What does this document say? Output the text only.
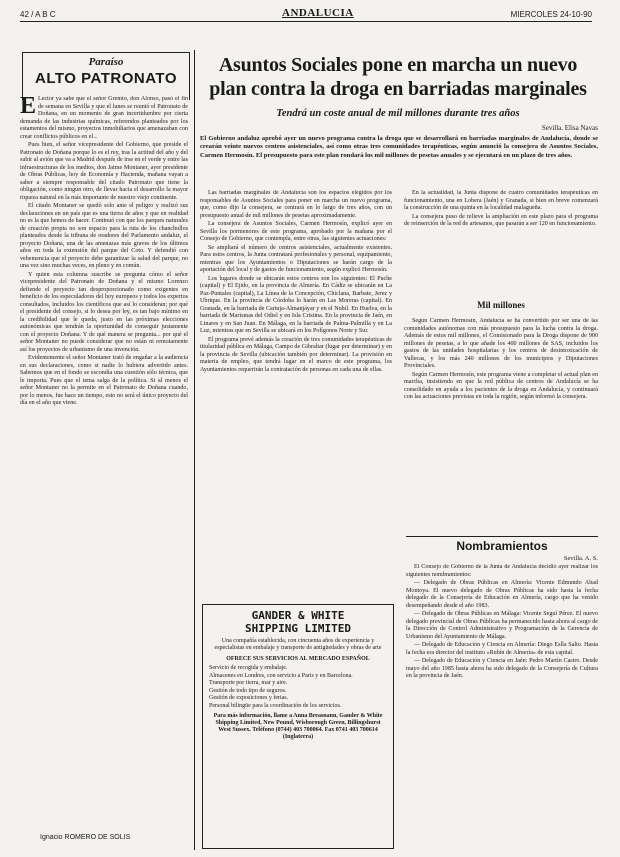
42 / A B C	ANDALUCIA	MIERCOLES 24-10-90
Paraíso
ALTO PATRONATO

E Lector ya sabe que el señor Gremio, don Alonso, pasó el fin de semana en Sevilla y que el lunes se reunió el Patronato de Doñana, en un momento de gran incertidumbre por cierta demanda de las industrias químicas, referendos planteados por los estamentos del mismo, proyectos inmobiliarios que amenazaban con crear conflictos públicos en el...

Pues bien, el señor vicepresidente del Gobierno, que preside el Patronato de Doñana porque lo es el rey, tras la actitud del año y del subir al avión que va a Madrid después de irse en el verde y entre las infraestructuras de los medios, don Jaime Montaner, ayer presidente de Obras Públicas, hoy de Economía y Hacienda, mañana vayan a saber a siempre responsable del citado Patronato que tiene la obligación, como ningún otro, de llevar hacia el desarrollo la mayor riqueza natural en la más importante de nuestro viejo continente.

El citado Montaner se quedó solo ante el peligro y realizó sus declaraciones en un país que es una tierra de años y que en realidad no es la que hemos de hacer. Continuó con que los parques naturales de creación propia no son espacio para la ruta de los chanchullos planteados desde la tribuna de oradores del Parlamento andaluz, el proyecto Doñana, una de las amenazas más graves de los últimos años en toda la extensión del parque del Coto. Y defendió con vehemencia que el proyecto debe garantizar la salud del parque, no una vez sino muchas veces, en pleno y en común.

Y quien esta columna suscribe se pregunta cómo el señor vicepresidente del Patronato de Doñana y el mismo Lorenzo defiende el proyecto tan desproporcionado como exigentes en beneficio de los especuladores del hoy europeos y todos los expertos consultados, incluidos los científicos que así lo consideran; por qué el presidente del consejo, si lo desea por ley, es tan bajo mínimo en la credibilidad que le queda, justo en las próximas elecciones autonómicas que tendrán la oportunidad de conseguir justamente con el proyecto Doñana. Y de qué manera se pregunta... por qué el señor Montaner no puede considerar que no están ni remotamente así los proyectos de urbanismo de una invención.

Evidentemente el señor Montaner trató de engañar a la audiencia en sus declaraciones, como si nadie lo hubiera advertido antes. Sabemos que en el fondo se escondía una cuestión sólo técnica, que le importa. Pues que el tema salga de la política. Si al menos el señor Montaner no la permite en el Patronato de Doñana cuando, por lo menos, fue hace un tiempo, esto no será el único proyecto del día en el año que viene.

Ignacio ROMERO DE SOLIS
Asuntos Sociales pone en marcha un nuevo plan contra la droga en barriadas marginales
Tendrá un coste anual de mil millones durante tres años
Sevilla. Elisa Navas
El Gobierno andaluz aprobó ayer un nuevo programa contra la droga que se desarrollará en barriadas marginales de Andalucía, donde se crearán veinte nuevos centros asistenciales, así como otras tres comunidades terapéuticas, según anunció la consejera de Asuntos Sociales, Carmen Hermosín. El presupuesto para este plan rondará los mil millones de pesetas anuales y se ejecutará en un plazo de tres años.

Las barriadas marginales de Andalucía son los espacios elegidos por los responsables de Asuntos Sociales para poner en marcha un nuevo programa, que, como dijo la consejera, se centrará en lo largo de tres años, con un presupuesto anual de mil millones de pesetas aproximadamente.

La consejera de Asuntos Sociales, Carmen Hermosín, explicó ayer en Sevilla los pormenores de este programa, aprobado por la mañana por el Consejo de Gobierno, que contempla, entre otras, las siguientes actuaciones:

Se ampliará el número de centros asistenciales, actualmente existentes. Para estos centros, la Junta contratará profesionales y personal, equipamiento, mientras que los Ayuntamientos o Diputaciones se harán cargo de la aportación del local y de gastos de funcionamiento, según explicó Hermosín.

Los lugares donde se ubicarán estos centros son los siguientes: El Puche (capital) y El Ejido, en la provincia de Almería. En Cádiz se ubicarán en La Paz-Puntales (capital), La Línea de la Concepción, Chiclana, Barbate, Jerez y Ubrique. En la provincia de Córdoba lo harán en Las Moreras (capital). En Granada, en la barriada de Cartuja-Almanjáyar y en el Nubil. En Huelva, en la barriada de Marismas del Odiel y en Isla Cristina. En la provincia de Jaén, en Linares y en San Juan. En Málaga, en la barriada de Palma-Palmilla y en La Luz, mientras que en Sevilla se ubicará en los Polígonos Norte y Sur.

El programa prevé además la creación de tres comunidades terapéuticas de titularidad pública en Málaga, Campo de Gibraltar (lugar por determinar) y en la provincia de Sevilla (ubicación también por determinar). La provisión en materia de empleo, que tendrá lugar en el marco de este programa, los Ayuntamientos requerirán la contratación de personas en cada una de ellas.

En la actualidad, la Junta dispone de cuatro comunidades terapéuticas en funcionamiento, una en Lobera (Jaén) y Granada, si bien en breve comenzará la construcción de una quinta en la localidad malagueña.

La consejera puso de relieve la ampliación en este plazo para el programa de reinserción de la red de artesanos, que pasarán a ser 120 en funcionamiento.

Mil millones

Según Carmen Hermosín, Andalucía se ha convertido por ser una de las comunidades autónomas con más presupuesto para la lucha contra la droga. Además de estos mil millones, el Comisionado para la Droga dispone de 900 millones de pesetas, a lo que añade los 400 millones de SAS, incluidos los gastos de las unidades hospitalarias y los centros de desintoxicación de Vallecas, y los más 240 millones de los municipios y Diputaciones Provinciales.

Según Carmen Hermosín, este programa viene a completar el actual plan en marcha, insistiendo en que la red pública de centros de Andalucía se ha consolidado en ayuda a los pacientes de la droga en Andalucía, y continuará con las actuaciones previstas en toda la región, según informó la consejera.

GANDER & WHITE
SHIPPING LIMITED
Una compañía establecida, con cincuenta años de experiencia y especialistas en embalaje y transporte de antigüedades y obras de arte
OFRECE SUS SERVICIOS AL MERCADO ESPAÑOL
Servicio de recogida y embalaje.
Almacenes en Londres, con servicio a Paris y en Barcelona.
Transporte por tierra, mar y aire.
Gestión de todo tipo de seguros.
Gestión de exposiciones y ferias.
Personal bilingüe para la coordinación de los servicios.
Para más información, llame a Anna Breasnann, Gander & White Shipping Limited, New Pound, Wisborough Green, Billingshurst West Sussex. Teléfono (0744) 403 700064. Fax 0741 403 700614 (Inglaterra)
Nombramientos
Sevilla. A. S.

El Consejo de Gobierno de la Junta de Andalucía decidió ayer realizar los siguientes nombramientos:

— Delegado de Obras Públicas en Almería: Vicente Edmundo Abad Montoya. El nuevo delegado de Obras Públicas ha sido hasta la fecha delegado de la Consejería de Educación en Almería, cargo que ha venido desempeñando desde el año 1983.

— Delegado de Obras Públicas en Málaga: Vicente Seguí Pérez. El nuevo delegado provincial de Obras Públicas ha permanecido hasta ahora al cargo de la Dirección de Control Administrativo y Programación de la Gerencia de Urbanismo del Ayuntamiento de Málaga.

— Delegado de Educación y Ciencia en Almería: Diego Eslla Salto. Hasta la fecha era director del instituto «Rubín de Almería» de esta capital.

— Delegado de Educación y Ciencia en Jaén: Pedro Martín Castro. Desde mayo del año 1985 hasta ahora ha sido delegado de la Consejería de Cultura en la provincia de Jaén.
